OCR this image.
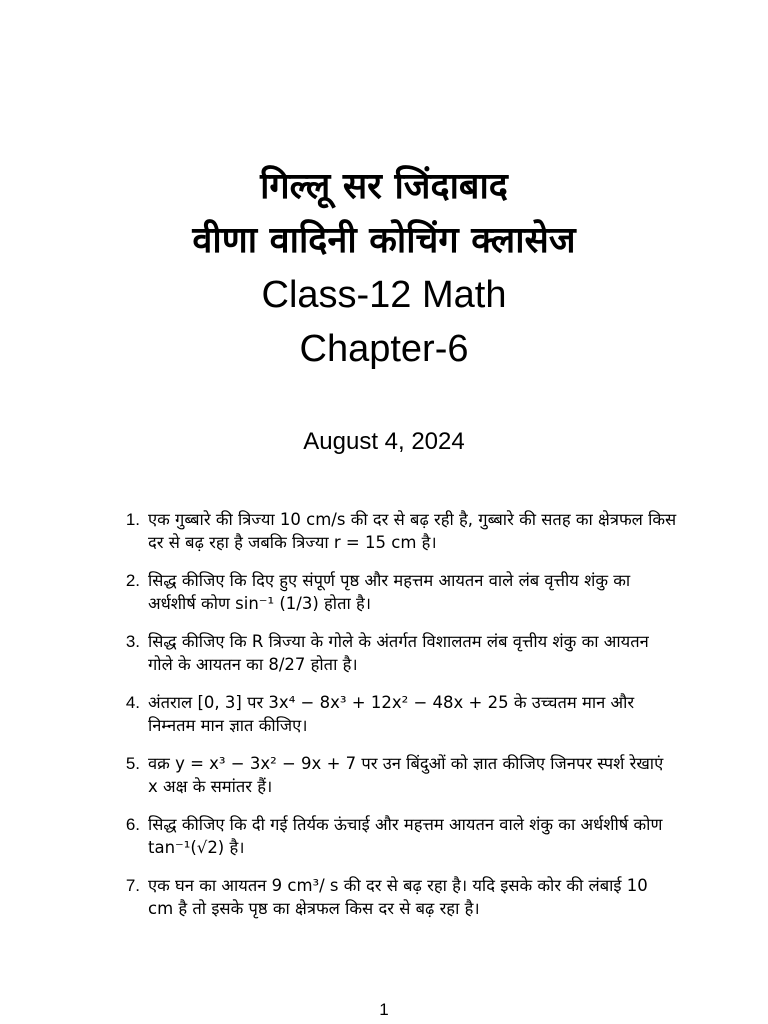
गिल्लू सर जिंदाबाद
वीणा वादिनी कोचिंग क्लासेज
Class-12 Math
Chapter-6
August 4, 2024
1. एक गुब्बारे की त्रिज्या 10 cm/s की दर से बढ़ रही है, गुब्बारे की सतह का क्षेत्रफल किस दर से बढ़ रहा है जबकि त्रिज्या r = 15 cm है।
2. सिद्ध कीजिए कि दिए हुए संपूर्ण पृष्ठ और महत्तम आयतन वाले लंब वृत्तीय शंकु का अर्धशीर्ष कोण sin⁻¹ (1/3) होता है।
3. सिद्ध कीजिए कि R त्रिज्या के गोले के अंतर्गत विशालतम लंब वृत्तीय शंकु का आयतन गोले के आयतन का 8/27 होता है।
4. अंतराल [0, 3] पर 3x⁴ − 8x³ + 12x² − 48x + 25 के उच्चतम मान और निम्नतम मान ज्ञात कीजिए।
5. वक्र y = x³ − 3x² − 9x + 7 पर उन बिंदुओं को ज्ञात कीजिए जिनपर स्पर्श रेखाएं x अक्ष के समांतर हैं।
6. सिद्ध कीजिए कि दी गई तिर्यक ऊंचाई और महत्तम आयतन वाले शंकु का अर्धशीर्ष कोण tan⁻¹(√2) है।
7. एक घन का आयतन 9 cm³/ s की दर से बढ़ रहा है। यदि इसके कोर की लंबाई 10 cm है तो इसके पृष्ठ का क्षेत्रफल किस दर से बढ़ रहा है।
1
